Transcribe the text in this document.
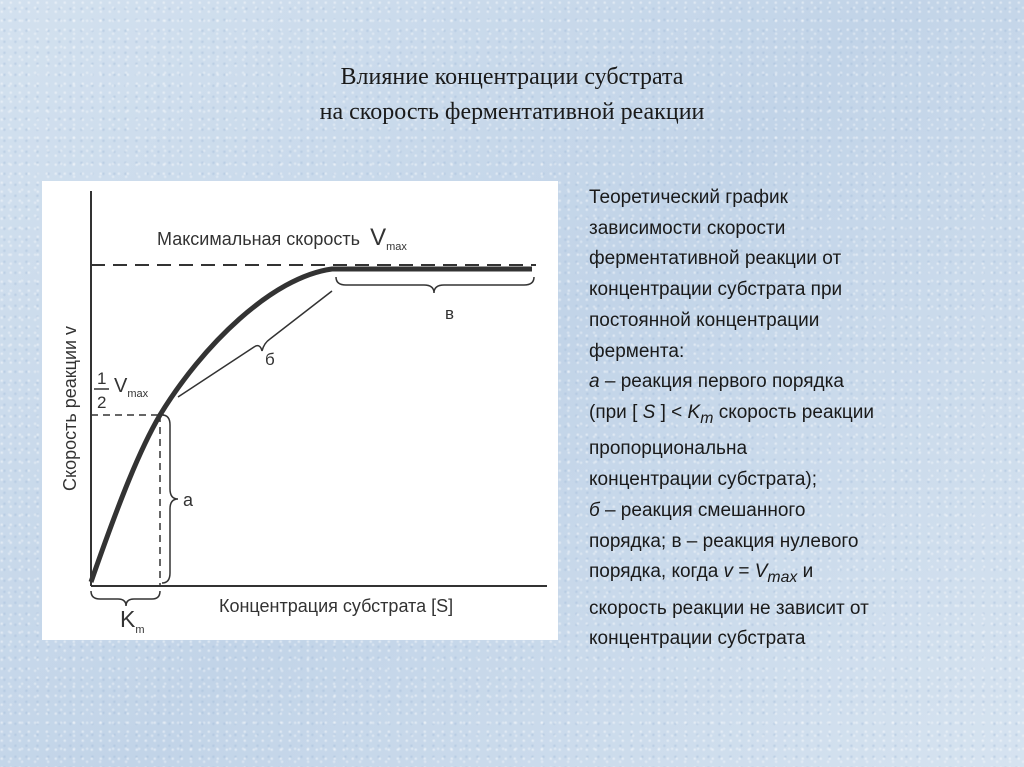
Влияние концентрации субстрата
на скорость ферментативной реакции
Максимальная скорость $V_{max}$
Скорость реакции v 1
2
$V_{max}$
а
б
в
Концентрация субстрата [S]
$K_m$
Теоретический график
зависимости скорости
ферментативной реакции от
концентрации субстрата при
постоянной концентрации
фермента:
а – реакция первого порядка
(при [ S ] < $K_m$ скорость реакции
пропорциональна
концентрации субстрата);
б – реакция смешанного
порядка; в – реакция нулевого
порядка, когда $v = V_{max}$ и
скорость реакции не зависит от
концентрации субстрата
